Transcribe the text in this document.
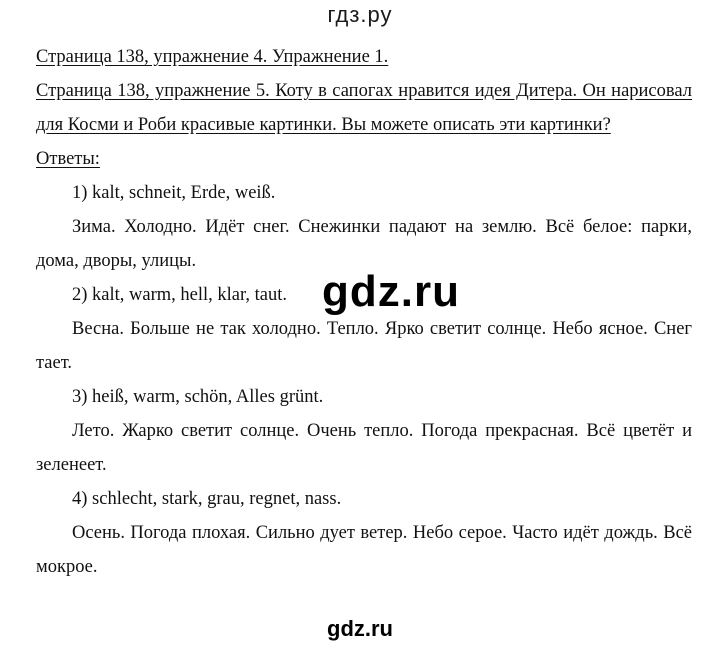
гдз.ру

Страница 138, упражнение 4. Упражнение 1.

Страница 138, упражнение 5. Коту в сапогах нравится идея Дитера. Он нарисовал для Косми и Роби красивые картинки. Вы можете описать эти картинки?

Ответы:

1) kalt, schneit, Erde, weiß.

Зима. Холодно. Идёт снег. Снежинки падают на землю. Всё белое: парки, дома, дворы, улицы.

2) kalt, warm, hell, klar, taut.

Весна. Больше не так холодно. Тепло. Ярко светит солнце. Небо ясное. Снег тает.

3) heiß, warm, schön, Alles grünt.

Лето. Жарко светит солнце. Очень тепло. Погода прекрасная. Всё цветёт и зеленеет.

4) schlecht, stark, grau, regnet, nass.

Осень. Погода плохая. Сильно дует ветер. Небо серое. Часто идёт дождь. Всё мокрое.

gdz.ru
gdz.ru
